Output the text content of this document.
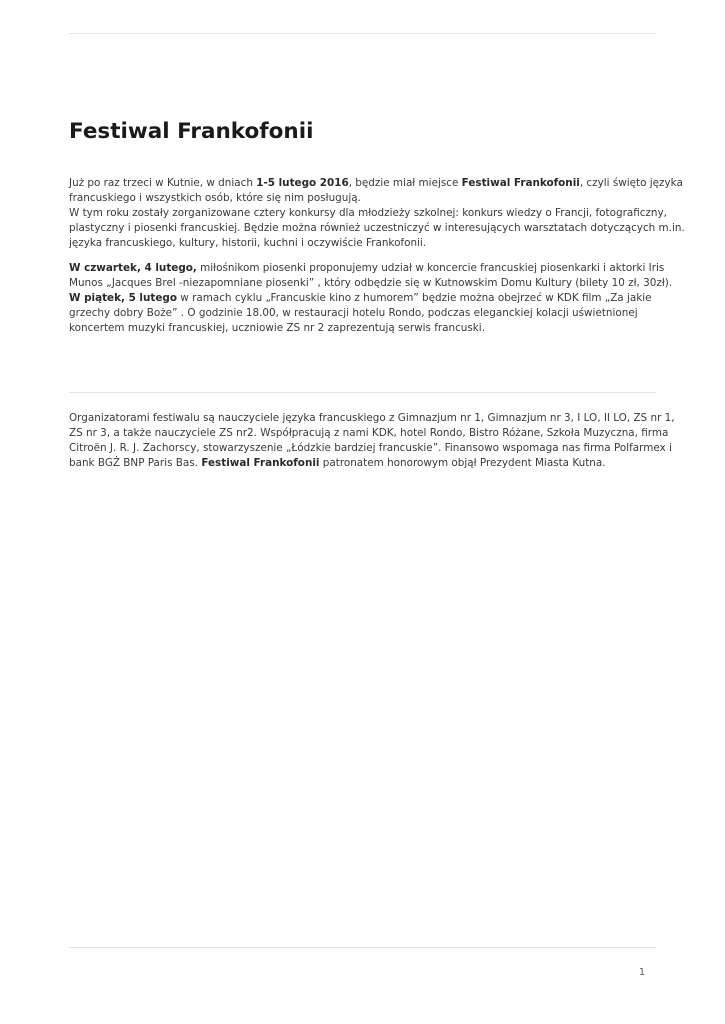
Festiwal Frankofonii

Już po raz trzeci w Kutnie, w dniach 1-5 lutego 2016, będzie miał miejsce Festiwal Frankofonii, czyli święto języka
francuskiego i wszystkich osób, które się nim posługują.
W tym roku zostały zorganizowane cztery konkursy dla młodzieży szkolnej: konkurs wiedzy o Francji, fotograficzny,
plastyczny i piosenki francuskiej. Będzie można również uczestniczyć w interesujących warsztatach dotyczących m.in.
języka francuskiego, kultury, historii, kuchni i oczywiście Frankofonii.

W czwartek, 4 lutego, miłośnikom piosenki proponujemy udział w koncercie francuskiej piosenkarki i aktorki Iris
Munos „Jacques Brel -niezapomniane piosenki” , który odbędzie się w Kutnowskim Domu Kultury (bilety 10 zł, 30zł).
W piątek, 5 lutego w ramach cyklu „Francuskie kino z humorem” będzie można obejrzeć w KDK film „Za jakie
grzechy dobry Boże” . O godzinie 18.00, w restauracji hotelu Rondo, podczas eleganckiej kolacji uświetnionej
koncertem muzyki francuskiej, uczniowie ZS nr 2 zaprezentują serwis francuski.

Organizatorami festiwalu są nauczyciele języka francuskiego z Gimnazjum nr 1, Gimnazjum nr 3, I LO, II LO, ZS nr 1,
ZS nr 3, a także nauczyciele ZS nr2. Współpracują z nami KDK, hotel Rondo, Bistro Różane, Szkoła Muzyczna, firma
Citroën J. R. J. Zachorscy, stowarzyszenie „Łódzkie bardziej francuskie”. Finansowo wspomaga nas firma Polfarmex i
bank BGŻ BNP Paris Bas. Festiwal Frankofonii patronatem honorowym objął Prezydent Miasta Kutna.

1
